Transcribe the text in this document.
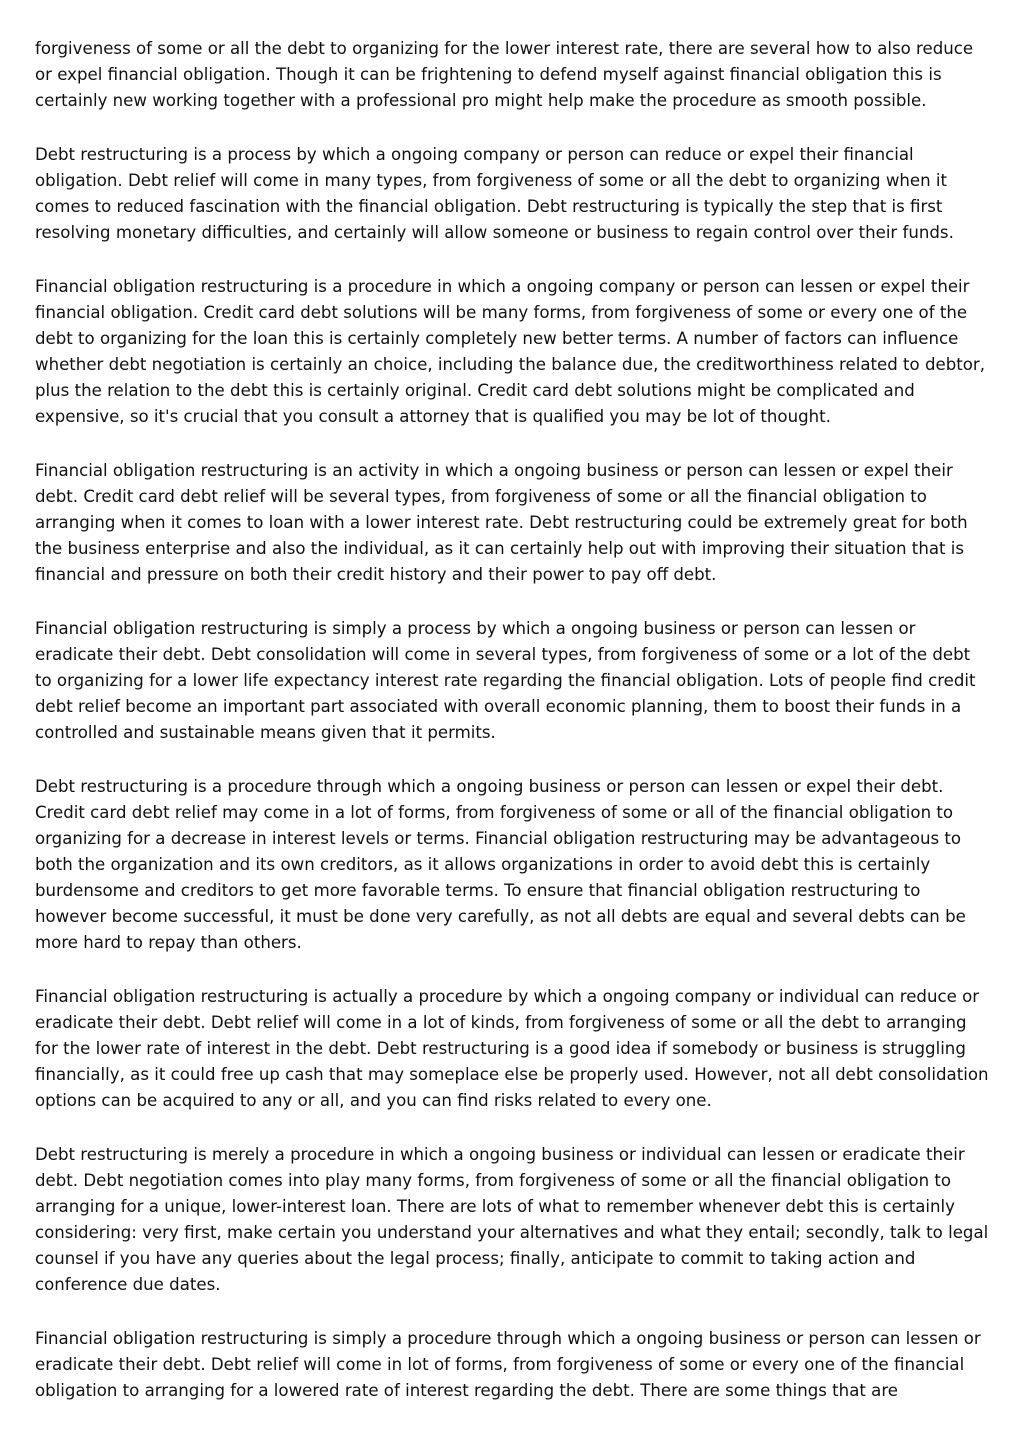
forgiveness of some or all the debt to organizing for the lower interest rate, there are several how to also reduce or expel financial obligation. Though it can be frightening to defend myself against financial obligation this is certainly new working together with a professional pro might help make the procedure as smooth possible.

Debt restructuring is a process by which a ongoing company or person can reduce or expel their financial obligation. Debt relief will come in many types, from forgiveness of some or all the debt to organizing when it comes to reduced fascination with the financial obligation. Debt restructuring is typically the step that is first resolving monetary difficulties, and certainly will allow someone or business to regain control over their funds.

Financial obligation restructuring is a procedure in which a ongoing company or person can lessen or expel their financial obligation. Credit card debt solutions will be many forms, from forgiveness of some or every one of the debt to organizing for the loan this is certainly completely new better terms. A number of factors can influence whether debt negotiation is certainly an choice, including the balance due, the creditworthiness related to debtor, plus the relation to the debt this is certainly original. Credit card debt solutions might be complicated and expensive, so it's crucial that you consult a attorney that is qualified you may be lot of thought.

Financial obligation restructuring is an activity in which a ongoing business or person can lessen or expel their debt. Credit card debt relief will be several types, from forgiveness of some or all the financial obligation to arranging when it comes to loan with a lower interest rate. Debt restructuring could be extremely great for both the business enterprise and also the individual, as it can certainly help out with improving their situation that is financial and pressure on both their credit history and their power to pay off debt.

Financial obligation restructuring is simply a process by which a ongoing business or person can lessen or eradicate their debt. Debt consolidation will come in several types, from forgiveness of some or a lot of the debt to organizing for a lower life expectancy interest rate regarding the financial obligation. Lots of people find credit debt relief become an important part associated with overall economic planning, them to boost their funds in a controlled and sustainable means given that it permits.

Debt restructuring is a procedure through which a ongoing business or person can lessen or expel their debt. Credit card debt relief may come in a lot of forms, from forgiveness of some or all of the financial obligation to organizing for a decrease in interest levels or terms. Financial obligation restructuring may be advantageous to both the organization and its own creditors, as it allows organizations in order to avoid debt this is certainly burdensome and creditors to get more favorable terms. To ensure that financial obligation restructuring to however become successful, it must be done very carefully, as not all debts are equal and several debts can be more hard to repay than others.

Financial obligation restructuring is actually a procedure by which a ongoing company or individual can reduce or eradicate their debt. Debt relief will come in a lot of kinds, from forgiveness of some or all the debt to arranging for the lower rate of interest in the debt. Debt restructuring is a good idea if somebody or business is struggling financially, as it could free up cash that may someplace else be properly used. However, not all debt consolidation options can be acquired to any or all, and you can find risks related to every one.

Debt restructuring is merely a procedure in which a ongoing business or individual can lessen or eradicate their debt. Debt negotiation comes into play many forms, from forgiveness of some or all the financial obligation to arranging for a unique, lower-interest loan. There are lots of what to remember whenever debt this is certainly considering: very first, make certain you understand your alternatives and what they entail; secondly, talk to legal counsel if you have any queries about the legal process; finally, anticipate to commit to taking action and conference due dates.

Financial obligation restructuring is simply a procedure through which a ongoing business or person can lessen or eradicate their debt. Debt relief will come in lot of forms, from forgiveness of some or every one of the financial obligation to arranging for a lowered rate of interest regarding the debt. There are some things that are
